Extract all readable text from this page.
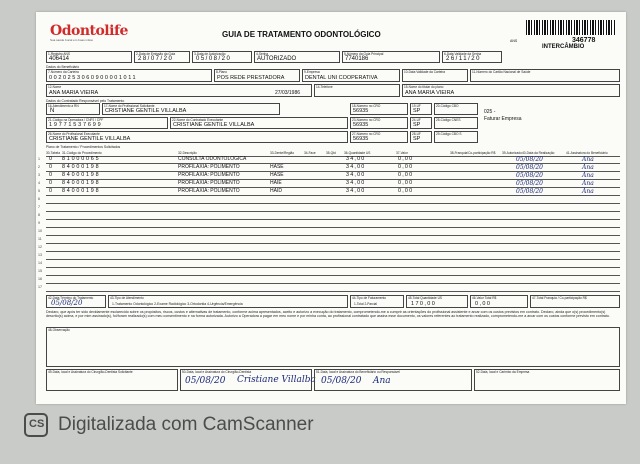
Odontolife
Sua saúde bucal em boas mãos
GUIA DE TRATAMENTO ODONTOLÓGICO
ANS	346778
INTERCÂMBIO
1-Registro ANS
406414
2-Data de Emissão da Guia
28/07/20
3-Data de Autorização
05/08/20
4-Senha
AUTORIZADO
5-Número da Guia Principal
7740186
6-Data Validade da Senha
26/11/20
Dados do Beneficiário
7-Número da Carteira
0020253060900001011
8-Plano
POS REDE PRESTADORA
9-Empresa
DENTAL UNI COOPERATIVA
10-Data Validade da Carteira	11-Número do Cartão Nacional de Saúde
12-Nome
ANA MARIA VIEIRA	27/03/1986
14-Telefone	15-Nome do titular do plano
ANA MARIA VIEIRA
Dados do Contratado Responsável pelo Tratamento
16-Atendimento a RN
N
17-Nome do Profissional Solicitante
CRISTIANE GENTILE VILLALBA
18-Número no CRO
56935
19-UF
SP
20-Código CBO
025 -
Faturar Empresa
21-Código na Operadora / CNPJ / CPF
19771537699
22-Nome do Contratado Executante
CRISTIANE GENTILE VILLALBA
23-Número no CRO
56935
24-UF
SP
25-Código CNES
26-Nome do Profissional Executante
CRISTIANE GENTILE VILLALBA
27-Número no CRO
56935
28-UF
SP
29-Código CBO S
Plano de Tratamento / Procedimentos Solicitados
30-Tabela 31-Código do Procedimento	32-Descrição	33-Dente/Região	34-Face	35-Qtd	36-Quantidade US	37-Valor	38-Franquia/Co-participação R$ 39-Autorizado 40-Data da Realização	41-Assinatura do Beneficiário
1 0 81000065	CONSULTA ODONTOLOGICA	34,00	0,00	05/08/20	Ana
2 0 84000198	PROFILAXIA: POLIMENTO	HASE	34,00	0,00	05/08/20	Ana
3 0 84000198	PROFILAXIA: POLIMENTO	HASE	34,00	0,00	05/08/20	Ana
4 0 84000198	PROFILAXIA: POLIMENTO	HAIE	34,00	0,00	05/08/20	Ana
5 0 84000198	PROFILAXIA: POLIMENTO	HAID	34,00	0,00	05/08/20	Ana
6
7
8
9
10
11
12
13
14
15
16
17
42-Data Término do Tratamento
05/08/20
43-Tipo de Atendimento
1-Tratamento Odontológico 2-Exame Radiológico 3-Ortodontia 4-Urgência/Emergência
44-Tipo de Faturamento
1-Total 2-Parcial
45-Total Quantidade US
170,00
46-Valor Total R$
0,00
47-Total Franquia / Co-participação R$
Declaro, que após ter sido devidamente esclarecido sobre os propósitos, riscos, custos e alternativas de tratamento, conforme acima apresentados, aceito e autorizo a execução do tratamento, comprometendo-me a cumprir as orientações do profissional assistente e arcar com os custos previstos em contrato. Declaro, ainda que o(s) procedimento(s) descrito(s) acima, e por mim assinado(s), foi/foram realizado(s) com meu consentimento e na forma autorizada. Autorizo a Operadora a pagar em meu nome e por minha conta, ao profissional contratado que assina esse documento, os valores referentes ao tratamento realizado, comprometendo-me a arcar com os custos conforme previsto em contrato.
48-Observação
49-Data, local e Assinatura do Cirurgião-Dentista Solicitante	50-Data, local e Assinatura do Cirurgião-Dentista
05/08/20 Cristiane Villalba
51-Data, local e Assinatura do Beneficiário ou Responsável
05/08/20 Ana
52-Data, local e Carimbo da Empresa
CS Digitalizada com CamScanner
